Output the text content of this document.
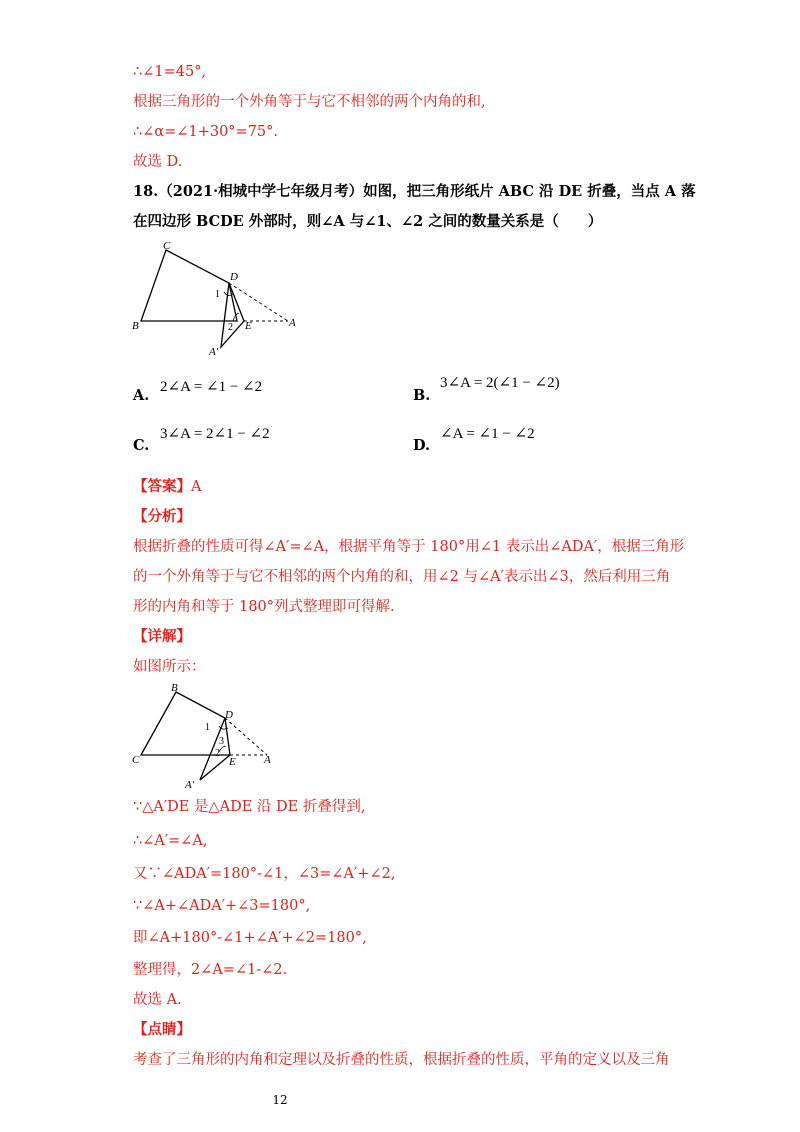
∴∠1=45°,
根据三角形的一个外角等于与它不相邻的两个内角的和,
∴∠α=∠1+30°=75°.
故选 D.
18.（2021·相城中学七年级月考）如图，把三角形纸片 ABC 沿 DE 折叠，当点 A 落
在四边形 BCDE 外部时，则∠A 与∠1、∠2 之间的数量关系是（　　）
C
D
B	E	A
A′
1
2
A. 2∠A = ∠1 − ∠2	B.
3∠A = 2(∠1 − ∠2)
C.
3∠A = 2∠1 − ∠2
D.
∠A = ∠1 − ∠2
【答案】A
【分析】
根据折叠的性质可得∠A′=∠A，根据平角等于 180°用∠1 表示出∠ADA′，根据三角形
的一个外角等于与它不相邻的两个内角的和，用∠2 与∠A′表示出∠3，然后利用三角
形的内角和等于 180°列式整理即可得解.
【详解】
如图所示：
B
D
C	E	A
A′
1
3
2
∵△A′DE 是△ADE 沿 DE 折叠得到,
∴∠A′=∠A,
又∵∠ADA′=180°-∠1，∠3=∠A′+∠2,
∵∠A+∠ADA′+∠3=180°,
即∠A+180°-∠1+∠A′+∠2=180°,
整理得，2∠A=∠1-∠2.
故选 A.
【点睛】
考查了三角形的内角和定理以及折叠的性质，根据折叠的性质，平角的定义以及三角
12
